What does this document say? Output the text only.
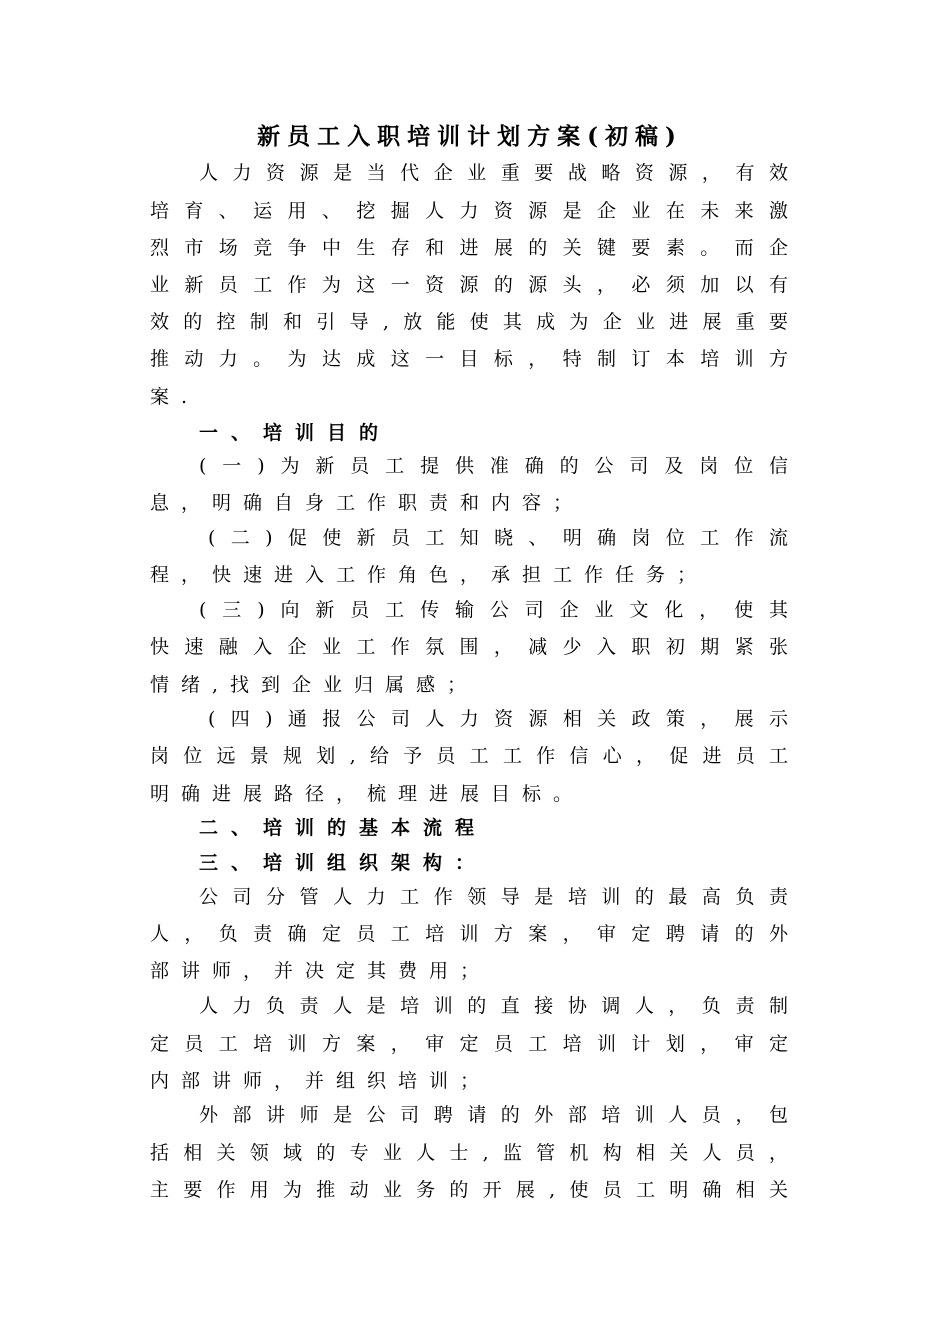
新员工入职培训计划方案(初稿)
人力资源是当代企业重要战略资源，有效
培育、运用、挖掘人力资源是企业在未来激
烈市场竞争中生存和进展的关键要素。而企
业新员工作为这一资源的源头，必须加以有
效的控制和引导,放能使其成为企业进展重要
推动力。为达成这一目标，特制订本培训方
案.
一、培训目的
(一)为新员工提供准确的公司及岗位信
息，明确自身工作职责和内容；
(二)促使新员工知晓、明确岗位工作流
程，快速进入工作角色，承担工作任务；
(三)向新员工传输公司企业文化，使其
快速融入企业工作氛围，减少入职初期紧张
情绪,找到企业归属感；
(四)通报公司人力资源相关政策，展示
岗位远景规划,给予员工工作信心，促进员工
明确进展路径，梳理进展目标。
二、培训的基本流程
三、培训组织架构：
公司分管人力工作领导是培训的最高负责
人，负责确定员工培训方案，审定聘请的外
部讲师，并决定其费用；
人力负责人是培训的直接协调人，负责制
定员工培训方案，审定员工培训计划，审定
内部讲师，并组织培训；
外部讲师是公司聘请的外部培训人员，包
括相关领域的专业人士,监管机构相关人员，
主要作用为推动业务的开展,使员工明确相关
